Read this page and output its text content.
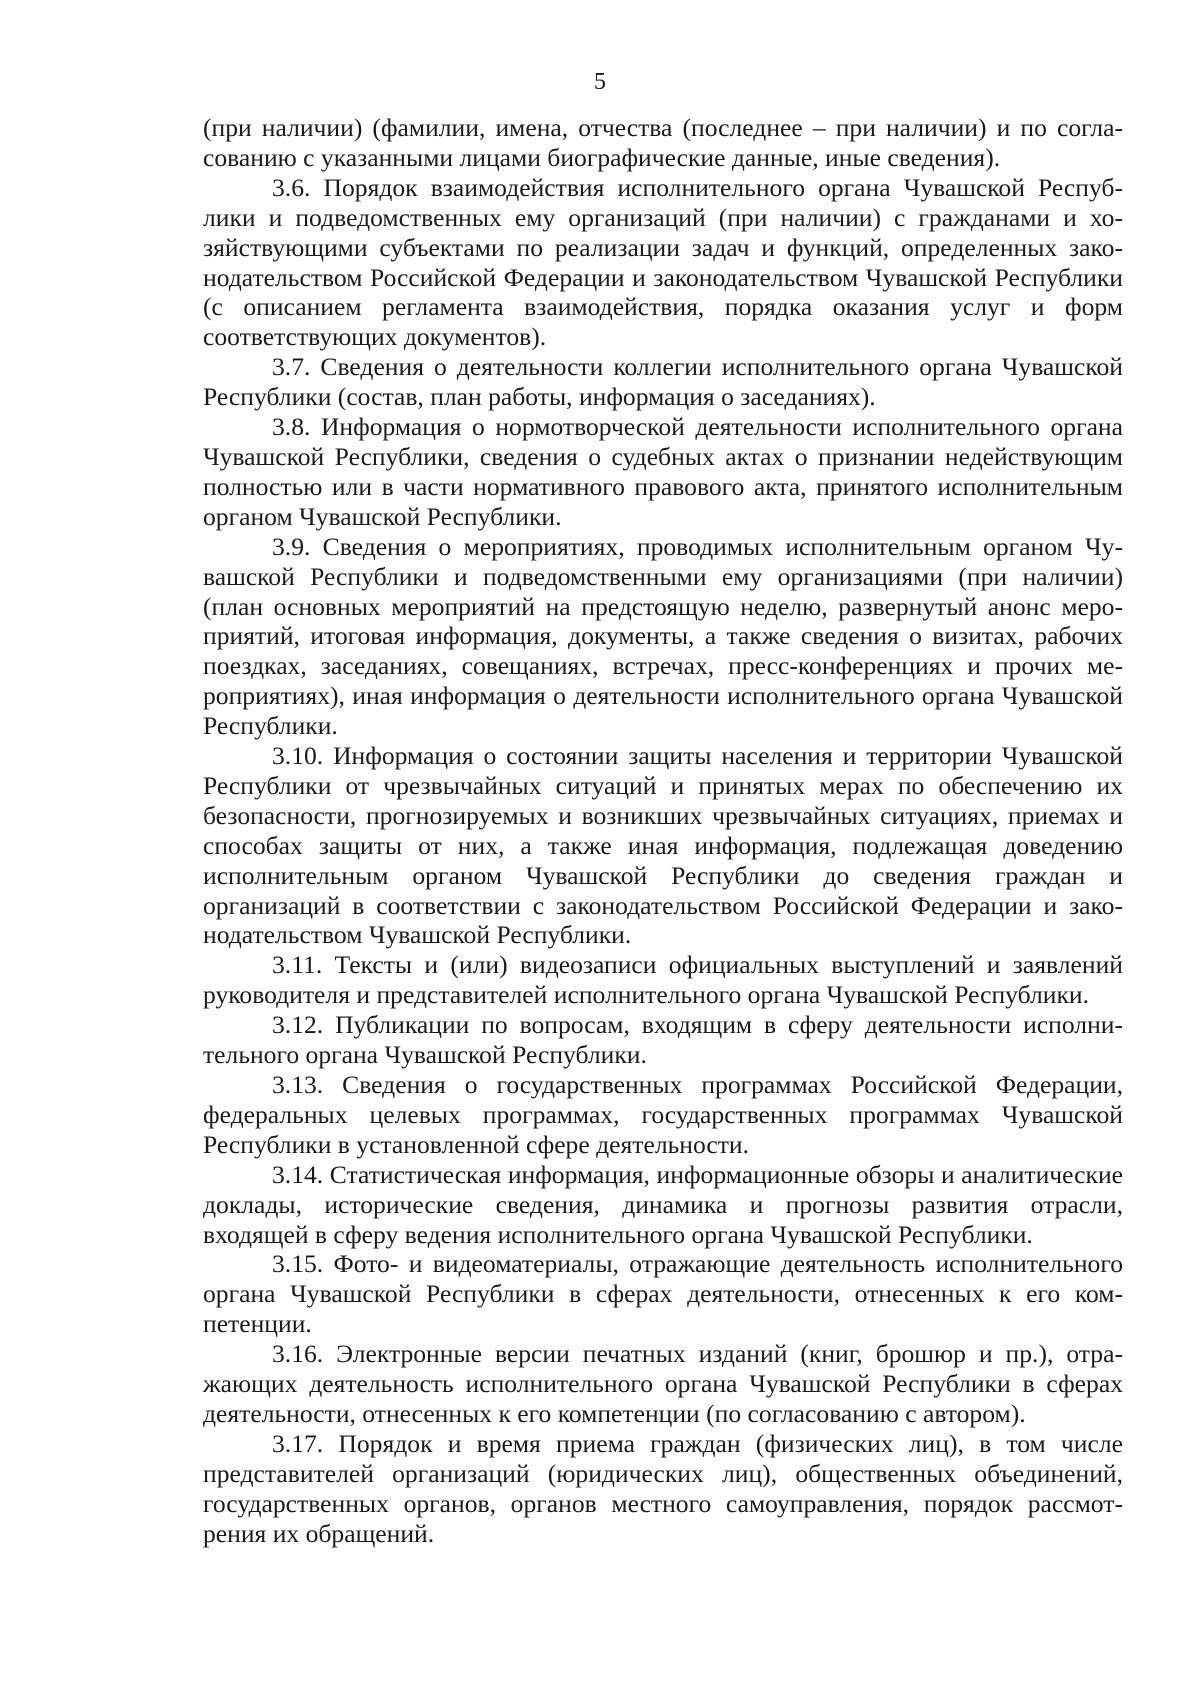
5

(при наличии) (фамилии, имена, отчества (последнее – при наличии) и по согласованию с указанными лицами биографические данные, иные сведения).

3.6. Порядок взаимодействия исполнительного органа Чувашской Республики и подведомственных ему организаций (при наличии) с гражданами и хозяйствующими субъектами по реализации задач и функций, определенных законодательством Российской Федерации и законодательством Чувашской Республики (с описанием регламента взаимодействия, порядка оказания услуг и форм соответствующих документов).

3.7. Сведения о деятельности коллегии исполнительного органа Чувашской Республики (состав, план работы, информация о заседаниях).

3.8. Информация о нормотворческой деятельности исполнительного органа Чувашской Республики, сведения о судебных актах о признании недействующим полностью или в части нормативного правового акта, принятого исполнительным органом Чувашской Республики.

3.9. Сведения о мероприятиях, проводимых исполнительным органом Чувашской Республики и подведомственными ему организациями (при наличии) (план основных мероприятий на предстоящую неделю, развернутый анонс мероприятий, итоговая информация, документы, а также сведения о визитах, рабочих поездках, заседаниях, совещаниях, встречах, пресс-конференциях и прочих мероприятиях), иная информация о деятельности исполнительного органа Чувашской Республики.

3.10. Информация о состоянии защиты населения и территории Чувашской Республики от чрезвычайных ситуаций и принятых мерах по обеспечению их безопасности, прогнозируемых и возникших чрезвычайных ситуациях, приемах и способах защиты от них, а также иная информация, подлежащая доведению исполнительным органом Чувашской Республики до сведения граждан и организаций в соответствии с законодательством Российской Федерации и законодательством Чувашской Республики.

3.11. Тексты и (или) видеозаписи официальных выступлений и заявлений руководителя и представителей исполнительного органа Чувашской Республики.

3.12. Публикации по вопросам, входящим в сферу деятельности исполнительного органа Чувашской Республики.

3.13. Сведения о государственных программах Российской Федерации, федеральных целевых программах, государственных программах Чувашской Республики в установленной сфере деятельности.

3.14. Статистическая информация, информационные обзоры и аналитические доклады, исторические сведения, динамика и прогнозы развития отрасли, входящей в сферу ведения исполнительного органа Чувашской Республики.

3.15. Фото- и видеоматериалы, отражающие деятельность исполнительного органа Чувашской Республики в сферах деятельности, отнесенных к его компетенции.

3.16. Электронные версии печатных изданий (книг, брошюр и пр.), отражающих деятельность исполнительного органа Чувашской Республики в сферах деятельности, отнесенных к его компетенции (по согласованию с автором).

3.17. Порядок и время приема граждан (физических лиц), в том числе представителей организаций (юридических лиц), общественных объединений, государственных органов, органов местного самоуправления, порядок рассмотрения их обращений.
